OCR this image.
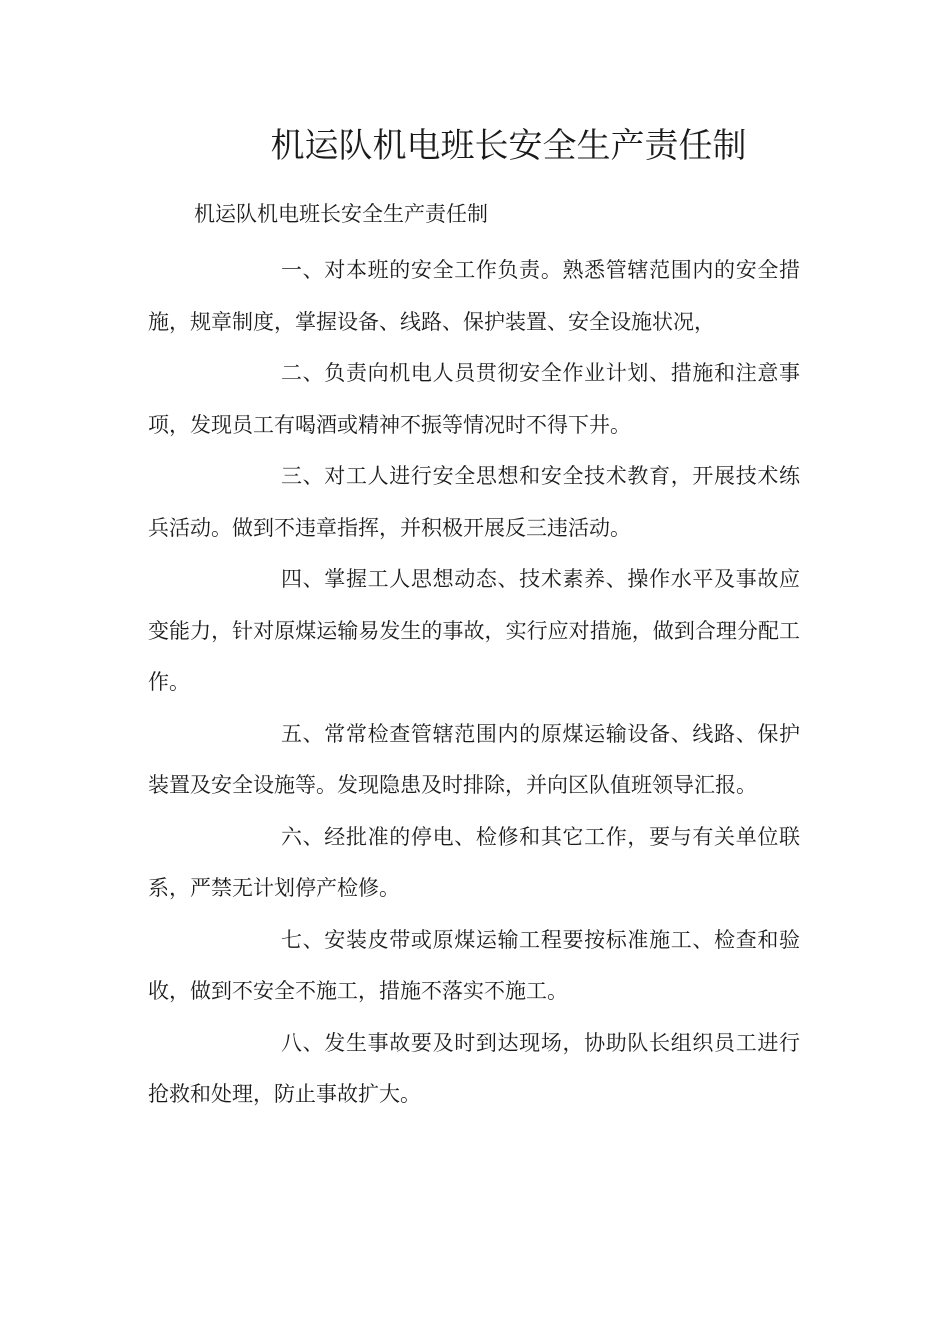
机运队机电班长安全生产责任制
机运队机电班长安全生产责任制

一、对本班的安全工作负责。熟悉管辖范围内的安全措施，规章制度，掌握设备、线路、保护装置、安全设施状况，

二、负责向机电人员贯彻安全作业计划、措施和注意事项，发现员工有喝酒或精神不振等情况时不得下井。

三、对工人进行安全思想和安全技术教育，开展技术练兵活动。做到不违章指挥，并积极开展反三违活动。

四、掌握工人思想动态、技术素养、操作水平及事故应变能力，针对原煤运输易发生的事故，实行应对措施，做到合理分配工作。

五、常常检查管辖范围内的原煤运输设备、线路、保护装置及安全设施等。发现隐患及时排除，并向区队值班领导汇报。

六、经批准的停电、检修和其它工作，要与有关单位联系，严禁无计划停产检修。

七、安装皮带或原煤运输工程要按标准施工、检查和验收，做到不安全不施工，措施不落实不施工。

八、发生事故要及时到达现场，协助队长组织员工进行抢救和处理，防止事故扩大。
